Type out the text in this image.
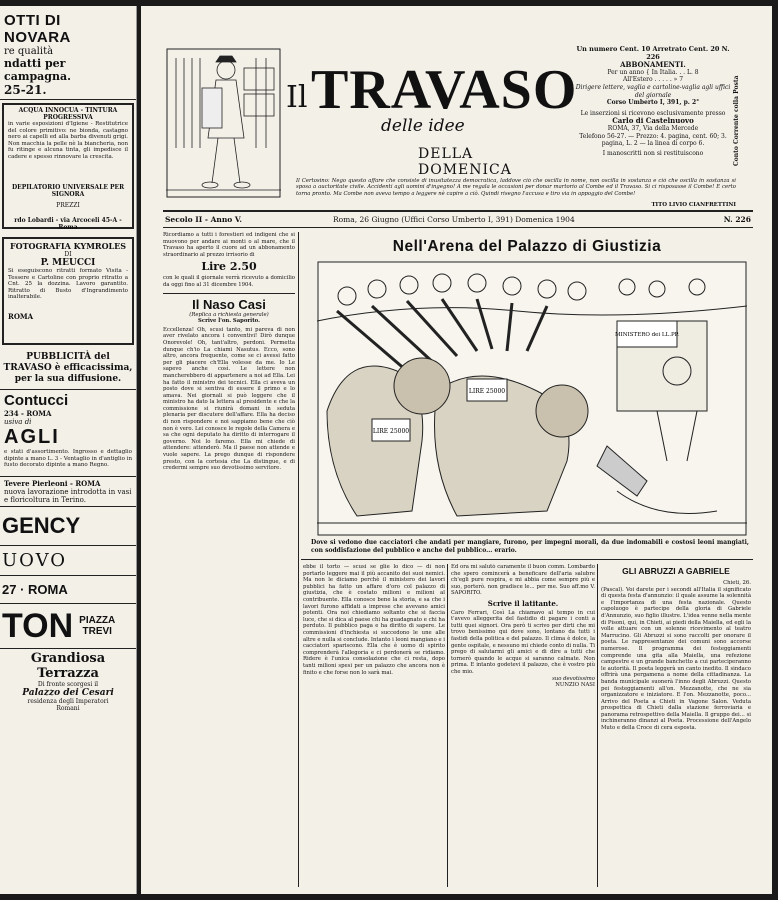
OTTI DI NOVARA
re qualità
ndatti per campagna.
25-21.
ACQUA INNOCUA - TINTURA PROGRESSIVA
in varie esposizioni d'Igiene - Restitutrice del colore primitivo: ne bionda, castagno nero ai capelli ed alla barba divenuti grigi. Non macchia la pelle nè la biancheria, non fu ritinge e alcuna tinta, gli impedisce il cadere e spesso rinnovare la crescita.
DEPILATORIO UNIVERSALE PER SIGNORA
PREZZI
rdo Lobardi - via Arcoceli 45-A - Roma
FOTOGRAFIA KYMROLES
DI
P. MEUCCI
Si eseguiscono ritratti formato Visita - Tessere e Cartoline con proprio ritratto a Cnt. 25 la dozzina. Lavoro garantito. Ritratto di Busto d'Ingrandimento inalterabile.
ROMA
PUBBLICITÀ del TRAVASO è efficacissima, per la sua diffusione.
Contucci
234 - ROMA
usiva di
AGLI
e stati d'assortimento. Ingrosso e dettaglio dipinte a mano L. 3 - Ventaglio in d'antiglio in fusto decorato dipinte a mano Regno.
Tevere Pierleoni - ROMA
nuova lavorazione introdotta in vasi e floricoltura in Terino.
GENCY
UOVO
27 · ROMA
TON PIAZZA
TREVI
Grandiosa Terrazza
Di fronte scorgesi il
Palazzo dei Cesari
residenza degli Imperatori
Romani
Il TRAVASO
delle idee
DELLA DOMENICA
Un numero Cent. 10 Arretrato Cent. 20 N. 226
ABBONAMENTI.
Per un anno { In Italia. . . L. 8
All'Estero . . . . . » 7
Dirigere lettere, vaglia e cartoline-vaglia agli uffici del giornale
Corso Umberto I, 391, p. 2°
Le inserzioni si ricevono esclusivamente presso
Carlo di Castelnuovo
ROMA, 37, Via della Mercede
Telefono 56-27. — Prezzo: 4. pagina, cent. 60; 3. pagina, L. 2 — la linea di corpo 6.
I manoscritti non si restituiscono	Conto Corrente colla Posta
Il Certosino: Nego questo affare che consiste di inusitatezza democratica, laddove ciò che oscilla in nome, non oscilla in sostanza e ciò che oscilla in sostanza si sposa a auctoritate civile. Accidenti agli uomini d'ingegno! A me regala le occasioni per donar martorio al Combe ed il Travaso. Si ci risposasse il Combe! E certo torna pronto. Ma Combe non aveva tempo a leggere nè capire a ciò. Quindi risegno l'accusa e tiro via in appoggio del Combe!
TITO LIVIO CIANFRETTINI
Secolo II - Anno V.	Roma, 26 Giugno (Uffici Corso Umberto I, 391) Domenica 1904	N. 226
Ricordiamo a tutti i forestieri ed indigeni che si muovono per andare ai monti o al mare, che il Travaso ha aperto il cuore ad un abbonamento straordinario al prezzo irrisorio di
Lire 2.50
con le quali il giornale verrà ricevuto a domicilio da oggi fino al 31 dicembre 1904.
Il Naso Casi
(Replica a richiesta generale)
Scrive l'on. Saporito.
Eccellenza! Oh, scusi tanto, mi pareva di non aver rivelato ancora i conventivi! Dirò dunque Onorevole! Oh, tant'altro, perdoni. Permetta dunque ch'io La chiami Nasutus. Ecco, sono altro, ancora frequente, come se ci avessi fatto per gli piacere ch'Ella volesse da me. Io Le sapevo anche così. Le lettere non mancherebbero di appartenere a noi ad Ella. Lei ha fatto il ministro dei tecnici. Ella ci aveva un posto dove si sentiva di essere il primo e lo amava. Nei giornali si può leggere che il ministro ha dato la lettera al presidente e che la commissione si riunirà domani in seduta plenaria per discutere dell'affare. Ella ha deciso di non rispondere e noi sappiamo bene che ciò non è vero. Lei conosce le regole della Camera e sa che ogni deputato ha diritto di interrogare il governo. Noi lo faremo. Ella mi chiede di attendere: attenderò. Ma il paese non attende e vuole sapere. La prego dunque di rispondere presto, con la cortesia che La distingue, e di credermi sempre suo devotissimo servitore.
Nell'Arena del Palazzo di Giustizia
LIRE 25000
LIRE 25000
MINISTERO dei LL.PP.
Dove si vedono due cacciatori che andati per mangiare, furono, per impegni morali, da due indomabili e costosi leoni mangiati, con soddisfazione del pubblico e anche del pubblico... erario.
ebbe il torto — scusi se glie lo dico — di non portarlo leggere mai il più accanito dei suoi nemici. Ma non le diciamo perchè il ministero dei lavori pubblici ha fatto un affare d'oro col palazzo di giustizia, che è costato milioni e milioni al contribuente. Ella conosce bene la storia, e sa che i lavori furono affidati a imprese che avevano amici potenti. Ora noi chiediamo soltanto che si faccia luce, che si dica al paese chi ha guadagnato e chi ha perduto. Il pubblico paga e ha diritto di sapere. Le commissioni d'inchiesta si succedono le une alle altre e nulla si conclude. Intanto i leoni mangiano e i cacciatori spariscono. Ella che è uomo di spirito comprenderà l'allegoria e ci perdonerà se ridiamo. Ridere è l'unica consolazione che ci resta, dopo tanti milioni spesi per un palazzo che ancora non è finito e che forse non lo sarà mai.
Ed ora mi salutò caramente il buon comm. Lombardo che spero comincerà a beneficare dell'aria salubre ch'egli pure respira, e mi abbia come sempre più e suo, porterò. non gradisce le... per me. Suo aff.mo V. SAPORITO.
Scrive il latitante.
Caro Ferrari, Così La chiamavo al tempo in cui t'avevo alleggerita del fastidio di pagare i conti a tutti quei signori. Ora però ti scrivo per dirti che mi trovo benissimo qui dove sono, lontano da tutti i fastidi della politica e del palazzo. Il clima è dolce, la gente ospitale, e nessuno mi chiede conto di nulla. Ti prego di salutarmi gli amici e di dire a tutti che tornerò quando le acque si saranno calmate. Non prima. E intanto godetevi il palazzo, che è vostro più che mio.
suo devotissimo
NUNZIO NASI
GLI ABRUZZI A GABRIELE
Chieti, 26.
(Pascal). Voi darete per i secondi all'Italia il significato di questa festa d'annunzio: il quale assume la solennità e l'importanza di una festa nazionale. Questo capoluogo è partecipe della gloria di Gabriele d'Annunzio, suo figlio illustre. L'idea venne nella mente di Pisoni, qui, in Chieti, ai piedi della Maiella, ed egli la volle attuare con un solenne ricevimento al teatro Marrucino. Gli Abruzzi si sono raccolti per onorare il poeta. Le rappresentanze dei comuni sono accorse numerose. Il programma dei festeggiamenti comprende una gita alla Maiella, una refezione campestre e un grande banchetto a cui parteciperanno le autorità. Il poeta leggerà un canto inedito. Il sindaco offrirà una pergamena a nome della cittadinanza. La banda municipale suonerà l'inno degli Abruzzi. Questo pei festeggiamenti all'on. Mezzanotte, che ne sia organizzatore e iniziatore. E l'on. Mezzanotte, poco... Arrivo del Poeta a Chieti in Vagone Salon. Veduta prospettica di Chieti dalla stazione ferroviaria e panorama retrospettivo della Maiella. Il gruppo dei... si inchineranno dinanzi al Poeta. Processione dell'Angelo Muto e della Croce di cera esposta.
